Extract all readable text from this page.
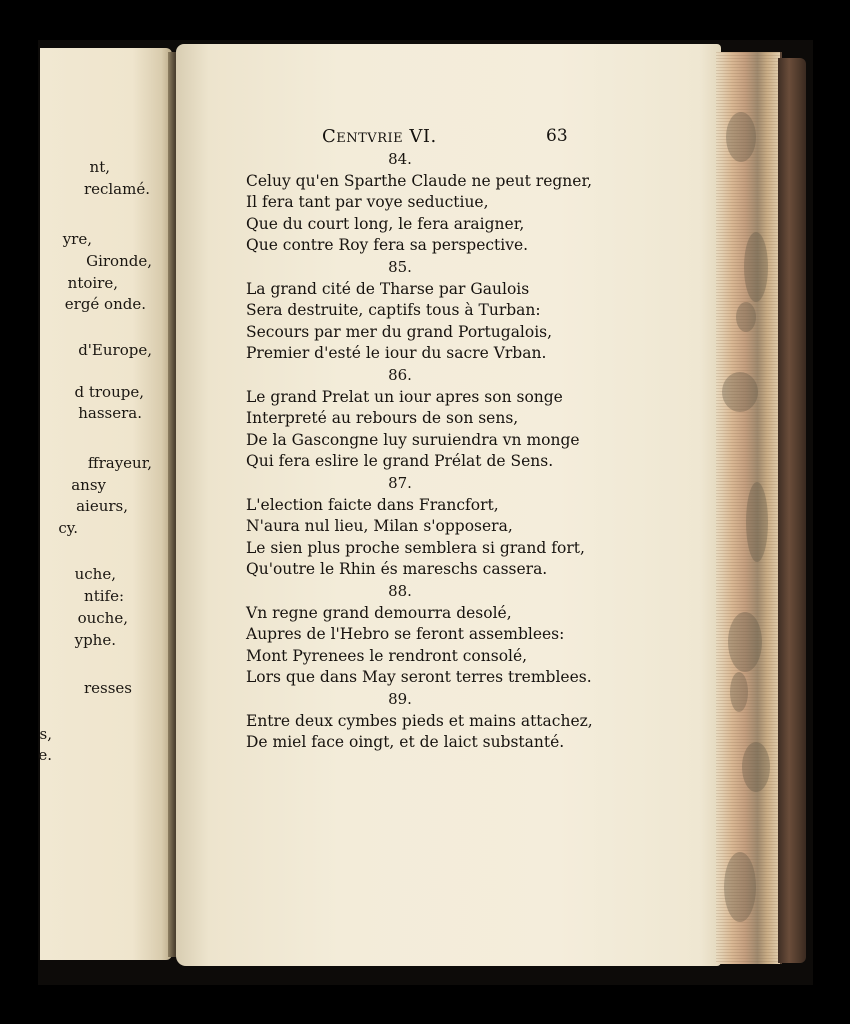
nt,
reclamé.
yre,
Gironde,
ntoire,
ergé onde.
d'Europe,
d troupe,
hassera.
ffrayeur,
ansy
aieurs,
cy.
uche,
ntife:
ouche,
yphe.
resses
s,
e.
Centvrie VI.	63
84.
Celuy qu'en Sparthe Claude ne peut regner,
Il fera tant par voye seductiue,
Que du court long, le fera araigner,
Que contre Roy fera sa perspective.
85.
La grand cité de Tharse par Gaulois
Sera destruite, captifs tous à Turban:
Secours par mer du grand Portugalois,
Premier d'esté le iour du sacre Vrban.
86.
Le grand Prelat un iour apres son songe
Interpreté au rebours de son sens,
De la Gascongne luy suruiendra vn monge
Qui fera eslire le grand Prélat de Sens.
87.
L'election faicte dans Francfort,
N'aura nul lieu, Milan s'opposera,
Le sien plus proche semblera si grand fort,
Qu'outre le Rhin és mareschs cassera.
88.
Vn regne grand demourra desolé,
Aupres de l'Hebro se feront assemblees:
Mont Pyrenees le rendront consolé,
Lors que dans May seront terres tremblees.
89.
Entre deux cymbes pieds et mains attachez,
De miel face oingt, et de laict substanté.
